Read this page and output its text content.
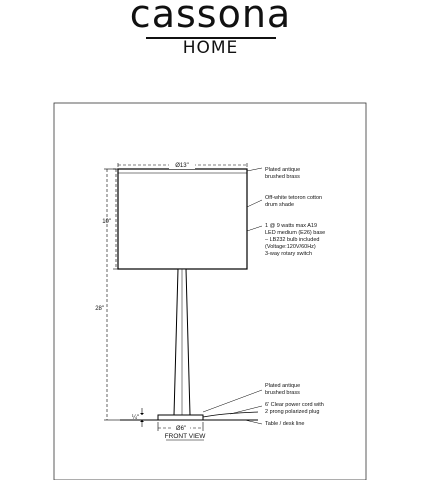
cassona
HOME
Ø13"
10"
28"
¼"
Ø6"
FRONT VIEW
Plated antique brushed brass
Off-white tetoron cotton drum shade
1 @ 9 watts max A19 LED medium (E26) base – LB232 bulb included (Voltage:120V/60Hz) 3-way rotary switch
Plated antique brushed brass
6' Clear power cord with 2 prong polarized plug
Table / desk line
